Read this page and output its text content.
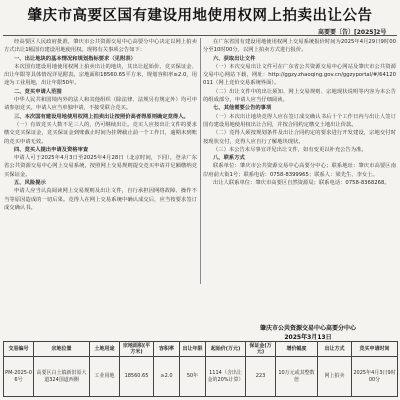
肇庆市高要区国有建设用地使用权网上拍卖出让公告
高要要〔告〕[2025]2号

经高要区人民政府批准，肇庆市公共资源交易中心高要分中心决定以网上拍卖方式出让1幅国有建设用地使用权。现将有关事项公告如下：

一、出让地块的基本情况和规划指标要求（见附表）

本次国有建设用地使用权网上拍卖出让的地块，其出让起始价、竞买保证金、出让年限等具体情况详见附表。宗地面积18560.65平方米，规划容积率≥2.0，用途为工业用地，出让年限50年。

二、竞买申请人范围

中华人民共和国境内外的法人和其他组织（除法律、法规另有规定外）均可申请参加竞买。申请人应当单独申请，不接受联合竞买。

三、本次国有建设用地使用权网上拍卖出让按照价高者得原则确定竞得人。

（一）有效竞买人数不足三人的，仍可继续出让。竞买人应按出让文件的要求缴交竞买保证金，竞买保证金到账截止时间为挂牌截止前一个工作日，逾期未到账的竞买申请无效。

四、竞买人提出申请及资格审查

申请人可于2025年4月3日至2025年4月28日（北京时间，下同），登录广东省公共资源交易中心网上交易系统，按照网上交易规则提交竞买申请并足额缴纳竞买保证金。

五、风险提示

申请人应当认真阅读网上交易规则及出让文件，自行承担因网络故障、操作不当等原因造成的一切后果。竞得人在网上交易系统中确认成交后，应当按要求签订成交确认书。

在广东省国有建设用地使用权网上交易系统报价时间为2025年4月29日9时00分至10时00分，以网上拍卖方式进行报价。

六、获取出让文件

（一）本次交易出让文件可在广东省公共资源交易中心网站及肇庆市公共资源交易中心网站下载，网址：http://ggzy.zhaoqing.gov.cn/ggzyportal/#/64120011（网上竞价交易系统界面）。

（二）出让文件中的出让须知、网上交易规则、宗地现状说明等内容为本公告的组成部分，申请人应当仔细阅读。

七、其他需要公告的事项

（一）本次出让地块竞得人应在签订成交确认书后十个工作日内与出让人签订国有建设用地使用权出让合同，并按合同约定缴交土地出让价款。

（二）竞得人须按规划条件及出让合同约定的要求进行开发建设，宗地交付时按现状交付，竞得人应自行了解地块现状。

（三）本公告未尽事宜详见出让文件，如有变更以补充公告为准。

八、联系方式

联系单位：肇庆市公共资源交易中心高要分中心；联系地址：肇庆市高要区南岸府前大街1号；联系电话：0758-8399965；联系人：梁先生、李女士。

出让人联系单位：肇庆市高要区自然资源局；联系电话：0758-8368268。

肇庆市公共资源交易中心高要分中心
2025年3月13日
交易编号	宗地位置	土地用途	宗地面积(平方米)	容积率	出让年限	起始价(万元)	保证金(万元)	增价幅度	出让方式	竞买申请时间
PM-2025-06号	高要区白土镇新旧原大道324国道西侧	工业用地	18560.65	≥2.0	50年	1114（含出让金的20%计算）	223	10万元或其整数倍	网上拍卖	2025年4月3日9时00分
